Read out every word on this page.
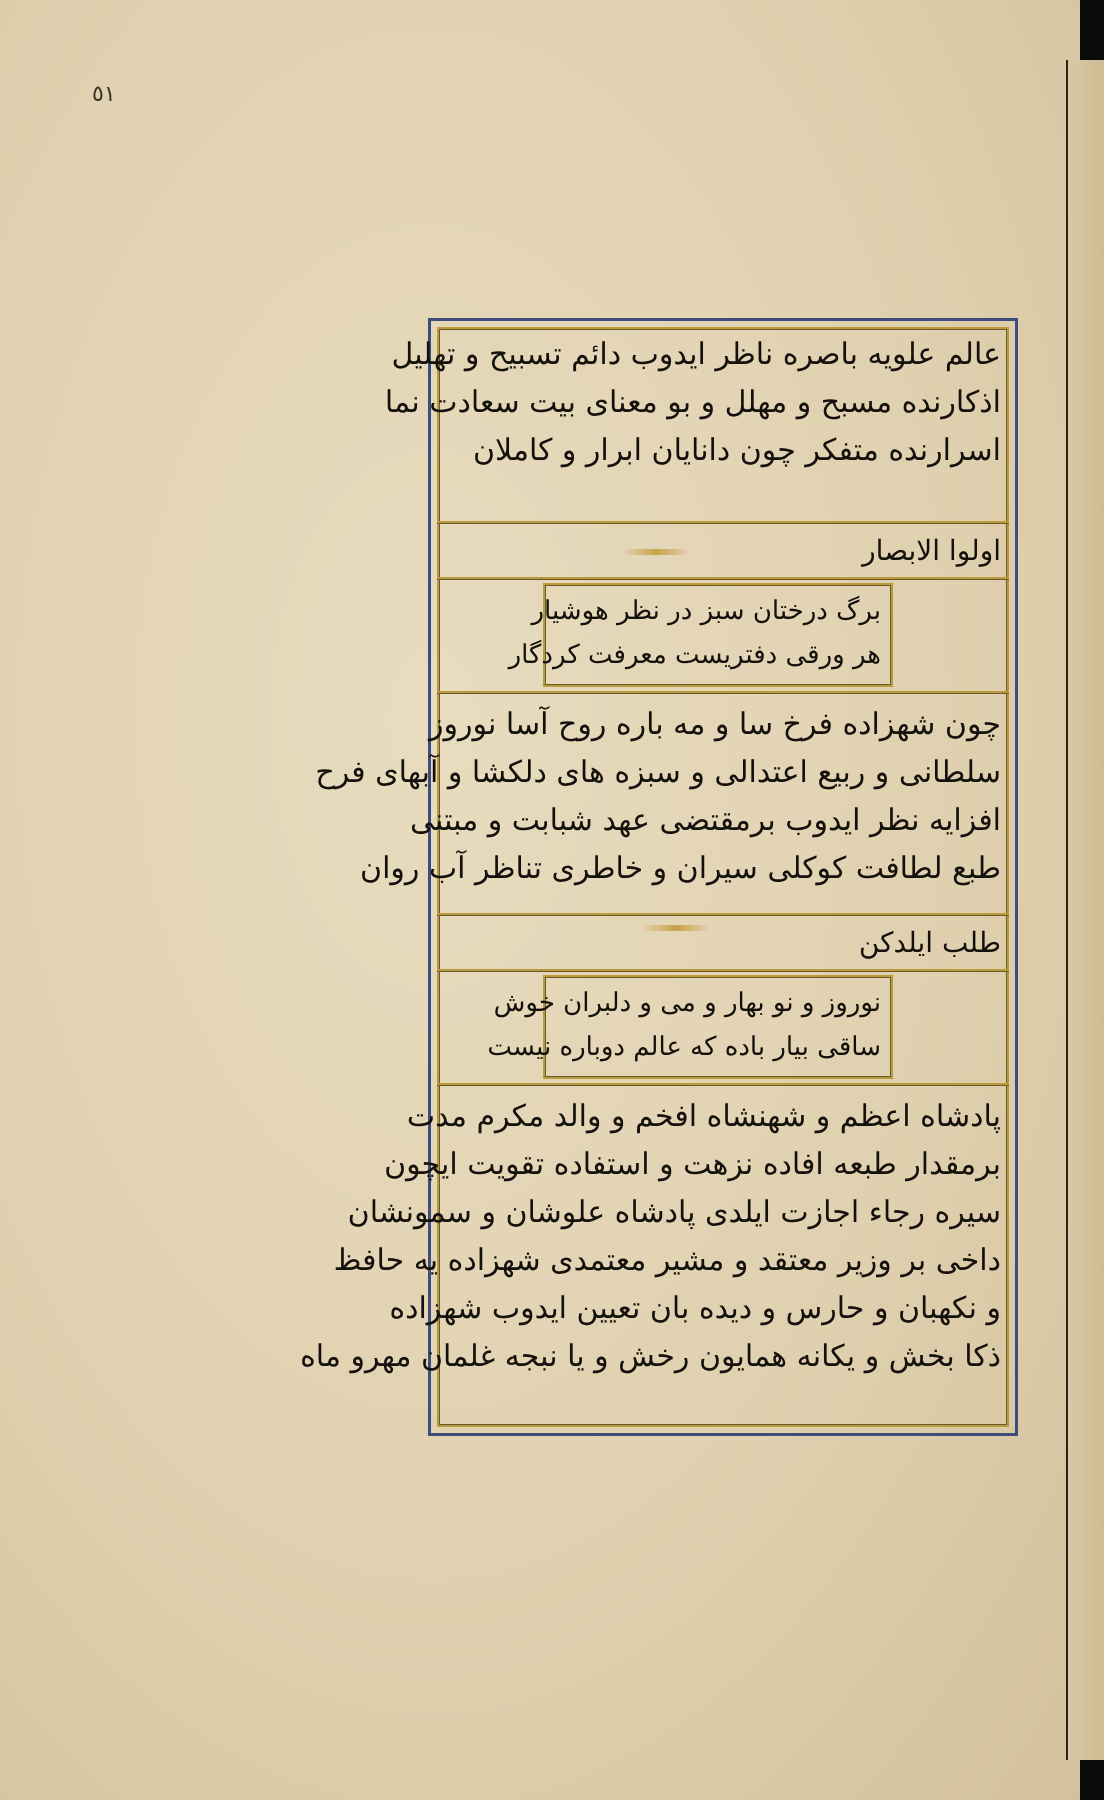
٥١
عالم علویه باصره ناظر ایدوب دائم تسبیح و تهلیل
اذکارنده مسبح و مهلل و بو معنای بیت سعادت نما
اسرارنده متفکر چون دانایان ابرار و کاملان
اولوا الابصار
برگ درختان سبز در نظر هوشیار
هر ورقی دفتریست معرفت کردگار
چون شهزاده فرخ سا و مه باره روح آسا نوروز
سلطانی و ربیع اعتدالی و سبزه های دلکشا و آبهای فرح
افزایه نظر ایدوب برمقتضی عهد شبابت و مبتنی
طبع لطافت کوکلی سیران و خاطری تناظر آب روان
طلب ایلدکن
نوروز و نو بهار و می و دلبران خوش
ساقی بیار باده که عالم دوباره نیست
پادشاه اعظم و شهنشاه افخم و والد مکرم مدت
برمقدار طبعه افاده نزهت و استفاده تقویت ایچون
سیره رجاء اجازت ایلدی پادشاه علوشان و سمونشان
داخی بر وزیر معتقد و مشیر معتمدی شهزاده یه حافظ
و نکهبان و حارس و دیده بان تعیین ایدوب شهزاده
ذکا بخش و یکانه همایون رخش و یا نبجه غلمان مهرو ماه
